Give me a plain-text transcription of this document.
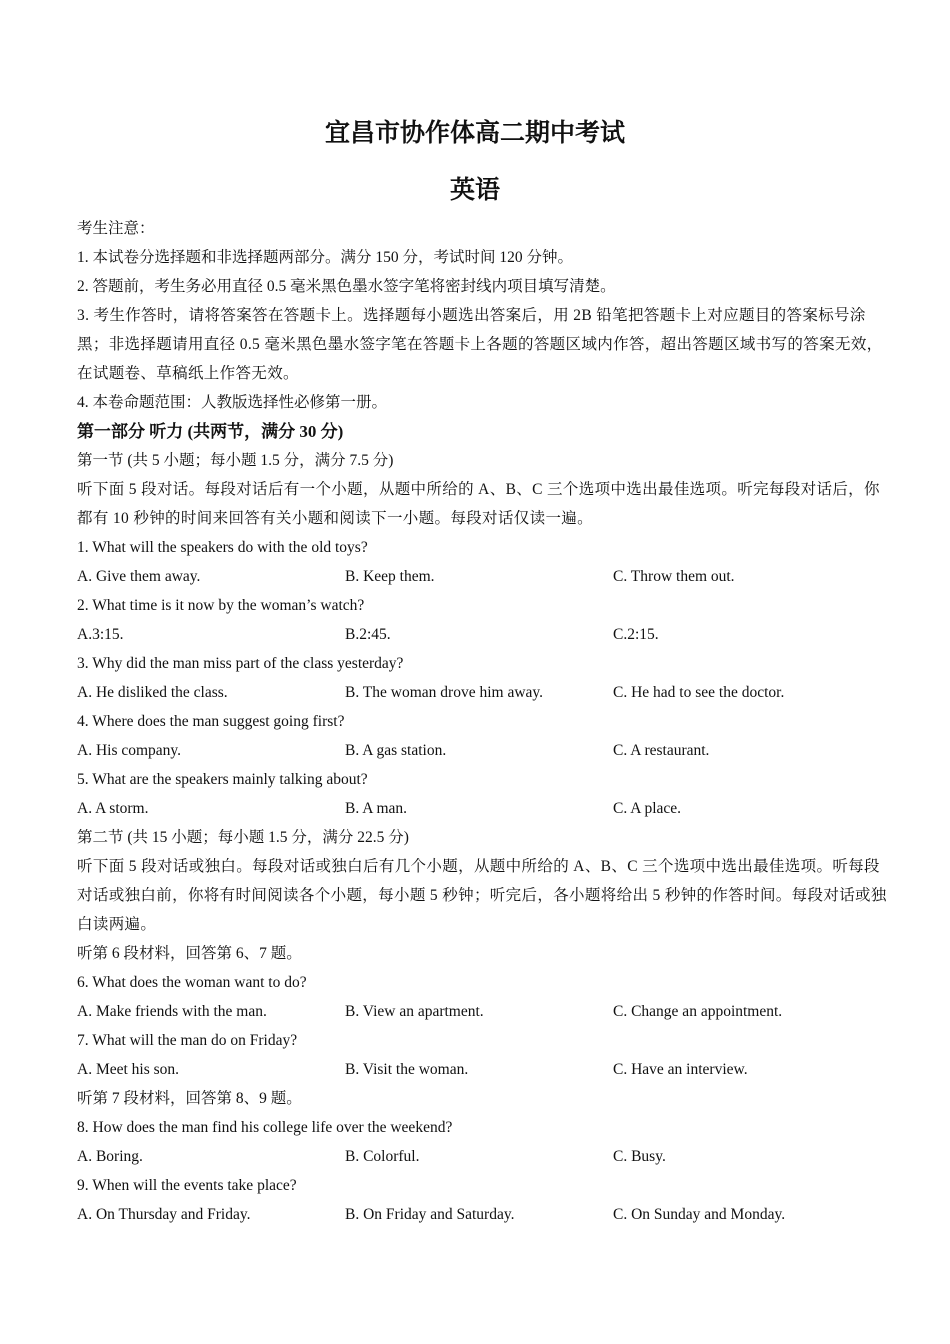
宜昌市协作体高二期中考试
英语
考生注意：
1. 本试卷分选择题和非选择题两部分。满分 150 分，考试时间 120 分钟。
2. 答题前，考生务必用直径 0.5 毫米黑色墨水签字笔将密封线内项目填写清楚。
3. 考生作答时，请将答案答在答题卡上。选择题每小题选出答案后，用 2B 铅笔把答题卡上对应题目的答案标号涂黑；非选择题请用直径 0.5 毫米黑色墨水签字笔在答题卡上各题的答题区域内作答，超出答题区域书写的答案无效，在试题卷、草稿纸上作答无效。
4. 本卷命题范围：人教版选择性必修第一册。
第一部分 听力 (共两节，满分 30 分)
第一节 (共 5 小题；每小题 1.5 分，满分 7.5 分)
听下面 5 段对话。每段对话后有一个小题，从题中所给的 A、B、C 三个选项中选出最佳选项。听完每段对话后，你都有 10 秒钟的时间来回答有关小题和阅读下一小题。每段对话仅读一遍。
1. What will the speakers do with the old toys?
A. Give them away.	B. Keep them.	C. Throw them out.
2. What time is it now by the woman’s watch?
A.3:15.	B.2:45.	C.2:15.
3. Why did the man miss part of the class yesterday?
A. He disliked the class.	B. The woman drove him away.	C. He had to see the doctor.
4. Where does the man suggest going first?
A. His company.	B. A gas station.	C. A restaurant.
5. What are the speakers mainly talking about?
A. A storm.	B. A man.	C. A place.
第二节 (共 15 小题；每小题 1.5 分，满分 22.5 分)
听下面 5 段对话或独白。每段对话或独白后有几个小题，从题中所给的 A、B、C 三个选项中选出最佳选项。听每段对话或独白前，你将有时间阅读各个小题，每小题 5 秒钟；听完后，各小题将给出 5 秒钟的作答时间。每段对话或独白读两遍。
听第 6 段材料，回答第 6、7 题。
6. What does the woman want to do?
A. Make friends with the man.	B. View an apartment.	C. Change an appointment.
7. What will the man do on Friday?
A. Meet his son.	B. Visit the woman.	C. Have an interview.
听第 7 段材料，回答第 8、9 题。
8. How does the man find his college life over the weekend?
A. Boring.	B. Colorful.	C. Busy.
9. When will the events take place?
A. On Thursday and Friday.	B. On Friday and Saturday.	C. On Sunday and Monday.
